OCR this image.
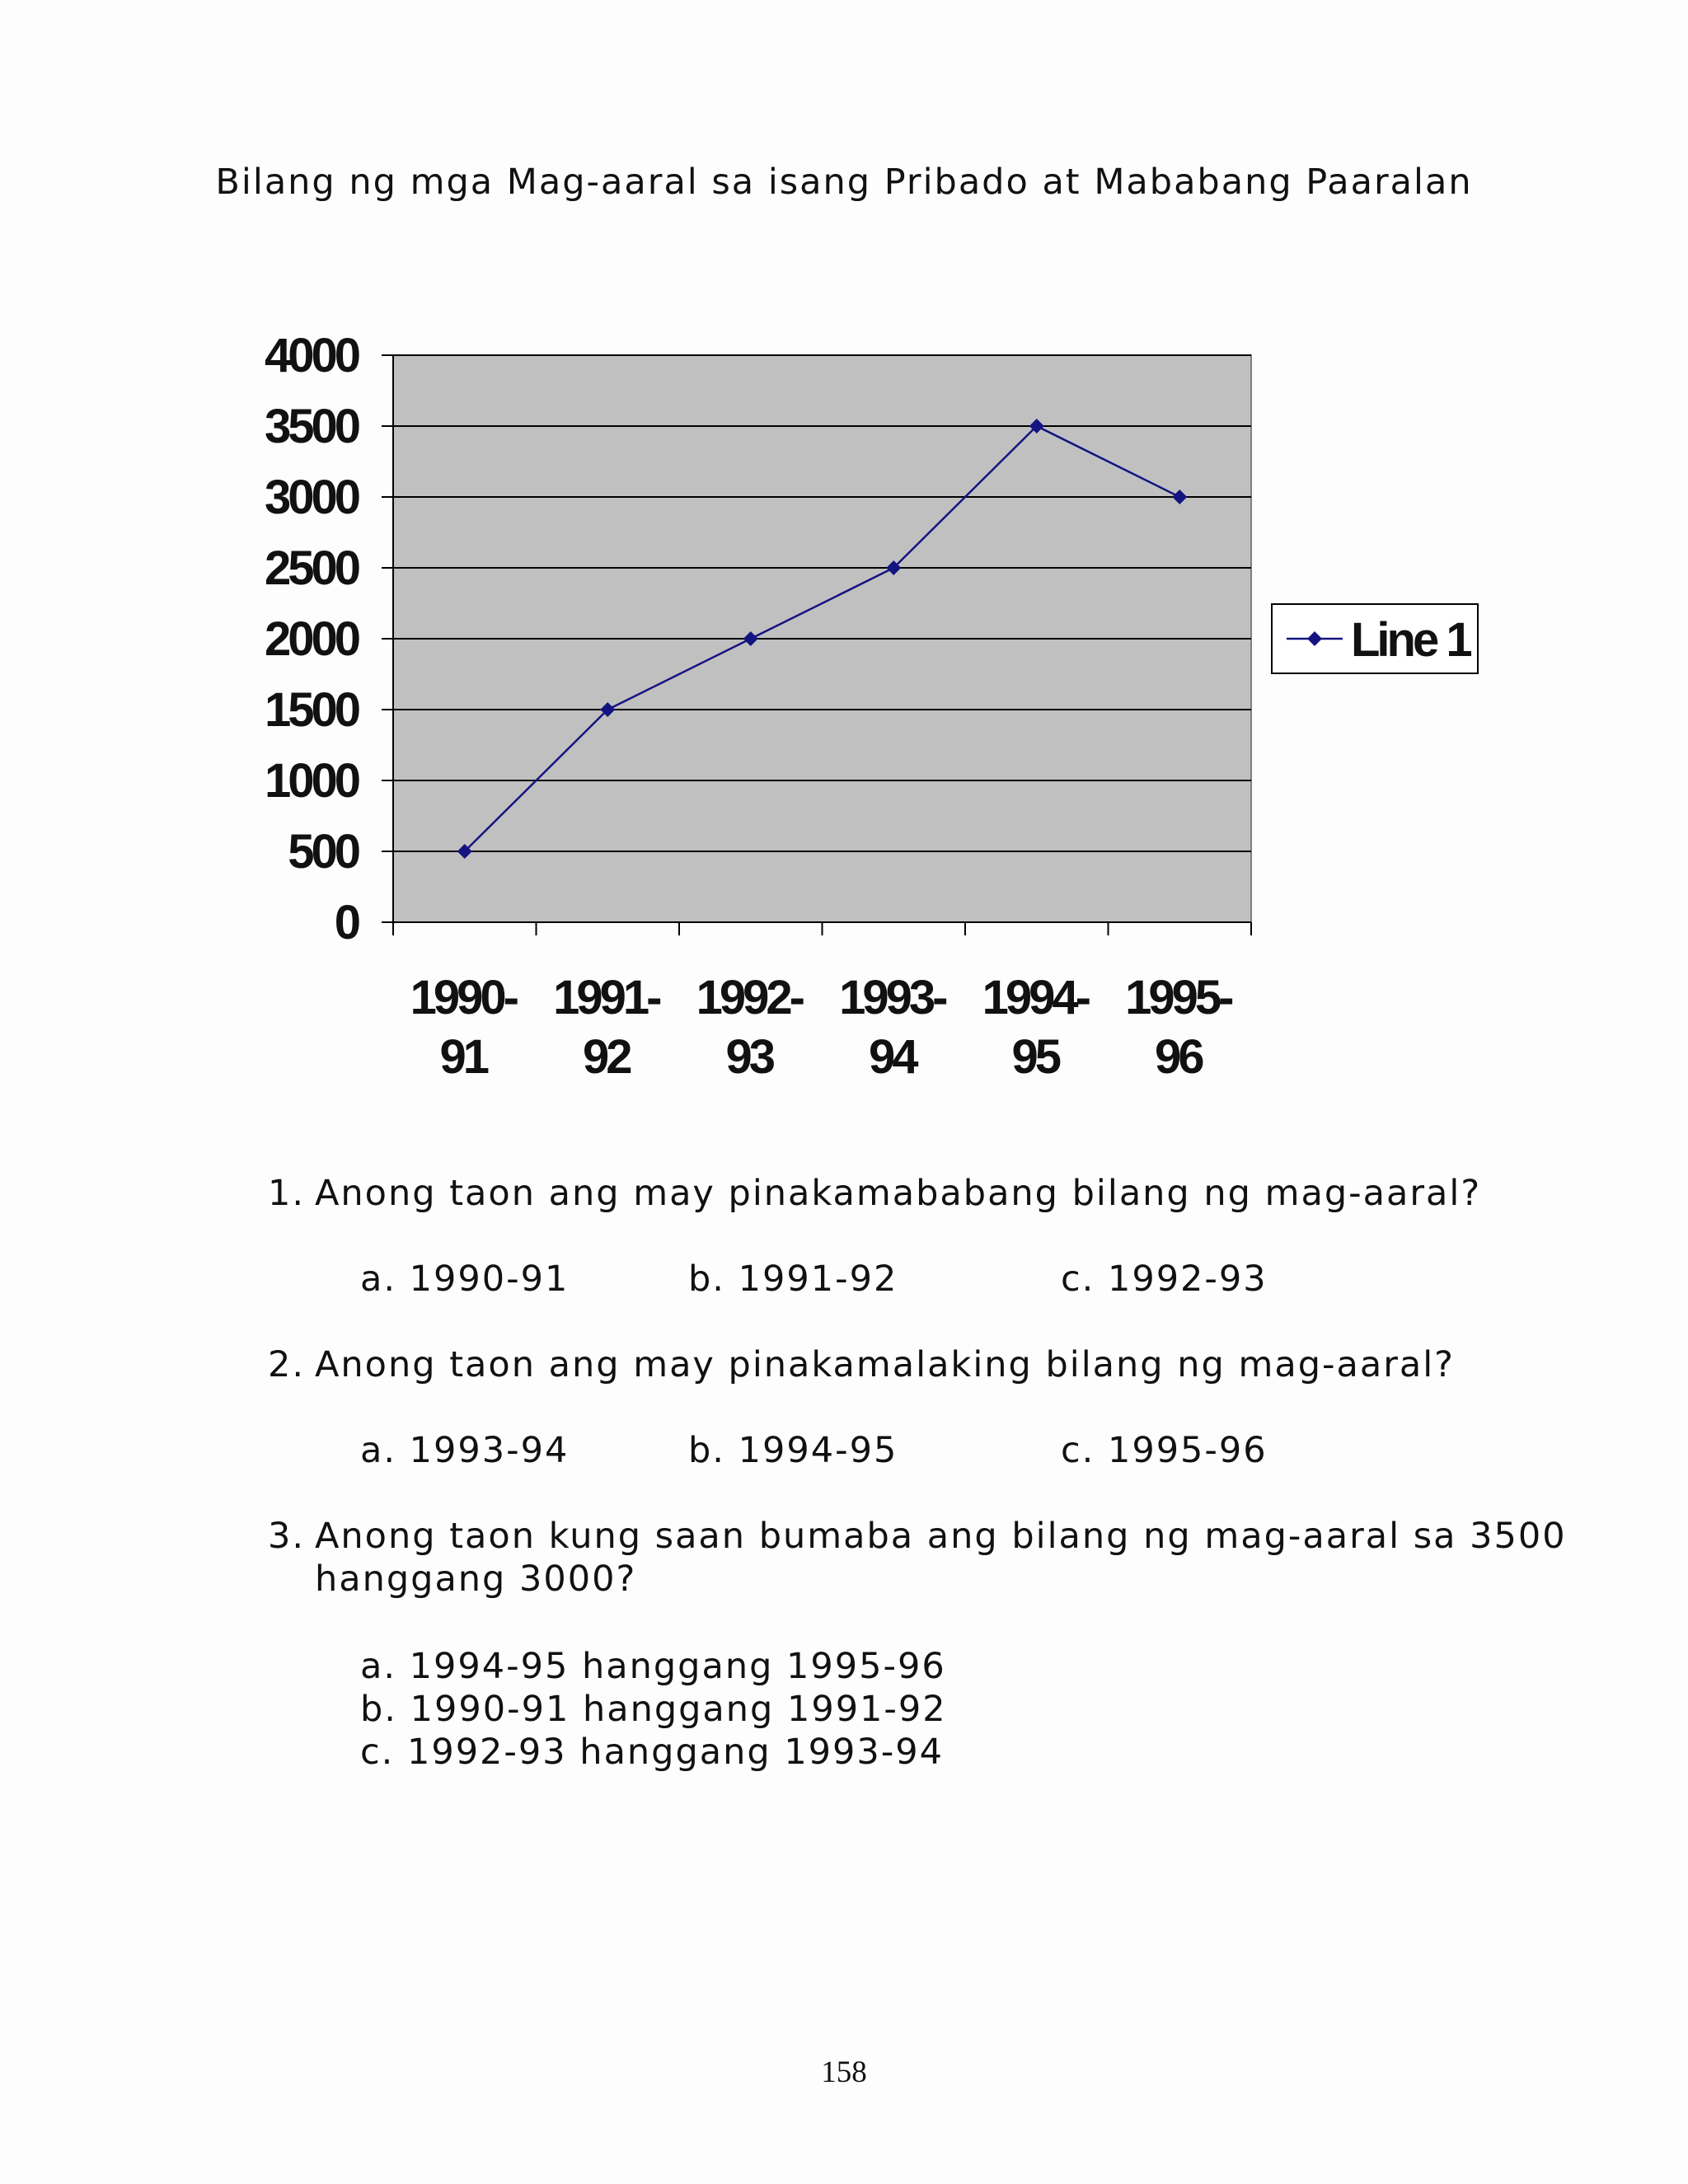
Bilang ng mga Mag-aaral sa isang Pribado at Mababang Paaralan
0
500
1000
1500
2000
2500
3000
3500
4000
1990-91
1991-92
1992-93
1993-94
1994-95
1995-96
Line 1
1. Anong taon ang may pinakamababang bilang ng mag-aaral?
a. 1990-91	b. 1991-92	c. 1992-93
2. Anong taon ang may pinakamalaking bilang ng mag-aaral?
a. 1993-94	b. 1994-95	c. 1995-96
3. Anong taon kung saan bumaba ang bilang ng mag-aaral sa 3500
hanggang 3000?
a. 1994-95 hanggang 1995-96
b. 1990-91 hanggang 1991-92
c. 1992-93 hanggang 1993-94
158
